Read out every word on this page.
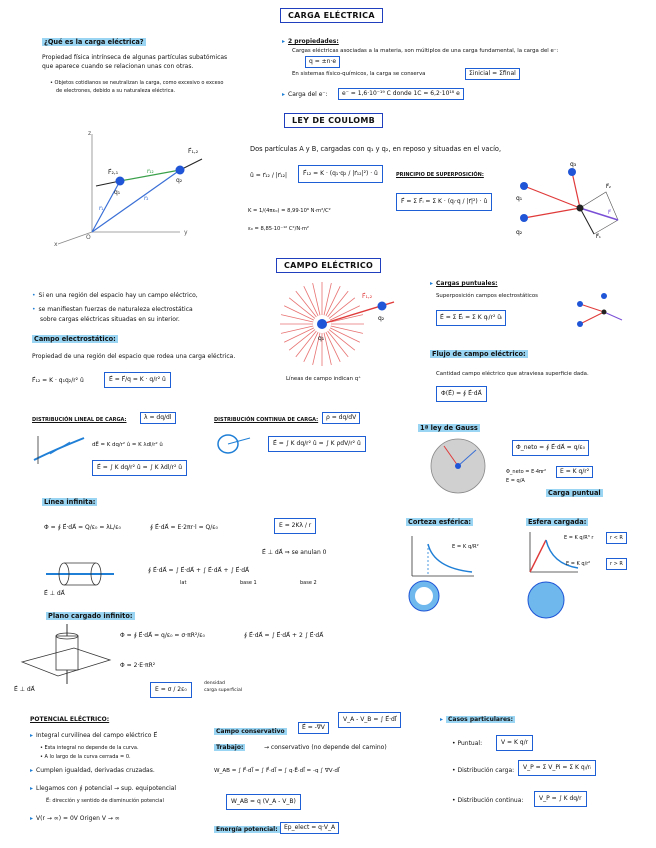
CARGA ELÉCTRICA
¿Qué es la carga eléctrica?
Propiedad física intrínseca de algunas partículas subatómicas
que aparece cuando se relacionan unas con otras.
• Objetos cotidianos se neutralizan la carga, como excesivo o exceso
de electrones, debido a su naturaleza eléctrica.
▸ 2 propiedades:
Cargas eléctricas asociadas a la materia, son múltiplos de una carga fundamental, la carga del e⁻:
q = ±n·e
En sistemas físico-químicos, la carga se conserva	Σinicial = Σfinal
▸ Carga del e⁻:	e⁻ = 1,6·10⁻¹⁹ C donde 1C = 6,2·10¹⁸ e
LEY DE COULOMB
F⃗₂,₁
F⃗₁,₂
q₁
q₂
r⃗₁
r⃗₂
r⃗₁₂
z
y
x
O
Dos partículas A y B, cargadas con q₁ y q₂, en reposo y situadas en el vacío,
û = r⃗₁₂ / |r⃗₁₂|	F⃗₁₂ = K · (q₁·q₂ / |r⃗₁₂|²) · û	PRINCIPIO DE SUPERPOSICIÓN:
F⃗ = Σ F⃗ᵢ = Σ K · (qᵢ·q / |r⃗|²) · û
K = 1/(4πε₀) = 8,99·10⁹ N·m²/C²
ε₀ = 8,85·10⁻¹² C²/N·m²
q₁
q₂
q₃
F⃗₁
F⃗₂
F⃗
CAMPO ELÉCTRICO
• Si en una región del espacio hay un campo eléctrico,
• se manifiestan fuerzas de naturaleza electrostática
sobre cargas eléctricas situadas en su interior.
Campo electrostático:
Propiedad de una región del espacio que rodea una carga eléctrica.
F⃗₁₂ = K · q₁q₂/r² û	E⃗ = F⃗/q = K · q/r² û
F⃗₁,₂
q₂
q₁
Líneas de campo indican q⁺
▸ Cargas puntuales:
Superposición campos electrostáticos
E⃗ = Σ E⃗ᵢ = Σ K qᵢ/r² ûᵢ
Flujo de campo eléctrico:
Cantidad campo eléctrico que atraviesa superficie dada.
Φ(E⃗) = ∮ E⃗·dA⃗
DISTRIBUCIÓN LINEAL DE CARGA:	λ = dq/dl
dE⃗ = K dq/r² û = K λdl/r² û
E⃗ = ∫ K dq/r² û = ∫ K λdl/r² û
DISTRIBUCIÓN CONTINUA DE CARGA:	ρ = dq/dV
E⃗ = ∫ K dq/r² û = ∫ K ρdV/r² û
1ª ley de Gauss
Φ_neto = ∮ E⃗·dA⃗ = q/ε₀
Φ_neto = E·4πr²
E = q/A
E = K q/r²
Carga puntual
Línea infinita:
Φ = ∮ E⃗·dA⃗ = Q/ε₀ = λL/ε₀	∮ E⃗·dA⃗ = E·2πr·l = Q/ε₀	E = 2Kλ / r
E⃗ ⊥ dA⃗ ⇒ se anulan 0
∮ E⃗·dA⃗ = ∫ E⃗·dA⃗ + ∫ E⃗·dA⃗ + ∫ E⃗·dA⃗
lat	base 1	base 2
E⃗ ⊥ dA⃗
Corteza esférica:
E = K q/R²
Esfera cargada:
E = K q/R³ r	r < R
E = K q/r²	r > R
Plano cargado infinito:
E⃗ ⊥ dA⃗
Φ = ∮ E⃗·dA⃗ = q/ε₀ = σ·πR²/ε₀	∮ E⃗·dA⃗ = ∫ E⃗·dA⃗ + 2 ∫ E⃗·dA⃗
Φ = 2·E·πR²
E = σ / 2ε₀
densidad
carga superficial
POTENCIAL ELÉCTRICO:
▸ Integral curvilínea del campo eléctrico E⃗
• Esta integral no depende de la curva.
• A lo largo de la curva cerrada = 0.
▸ Cumplen igualdad, derivadas cruzadas.
▸ Llegamos con ∮ potencial → sup. equipotencial
E⃗: dirección y sentido de disminución potencial
▸ V(r → ∞) = 0V Origen V → ∞
Campo conservativo
E⃗ = -∇⃗V
V_A - V_B = ∫ E⃗·dl⃗
Trabajo:	→ conservativo (no depende del camino)
W_AB = ∫ F⃗·dl⃗ = ∫ F⃗·dl⃗ = ∫ q·E⃗·dl⃗ = -q ∫ ∇⃗V·dl⃗
W_AB = q (V_A - V_B)
Energía potencial:	Ep_elect = q·V_A
▸ Casos particulares:
• Puntual:	V = K q/r
• Distribución carga:	V_P = Σ V_Pi = Σ K qᵢ/rᵢ
• Distribución continua:	V_P = ∫ K dq/r
